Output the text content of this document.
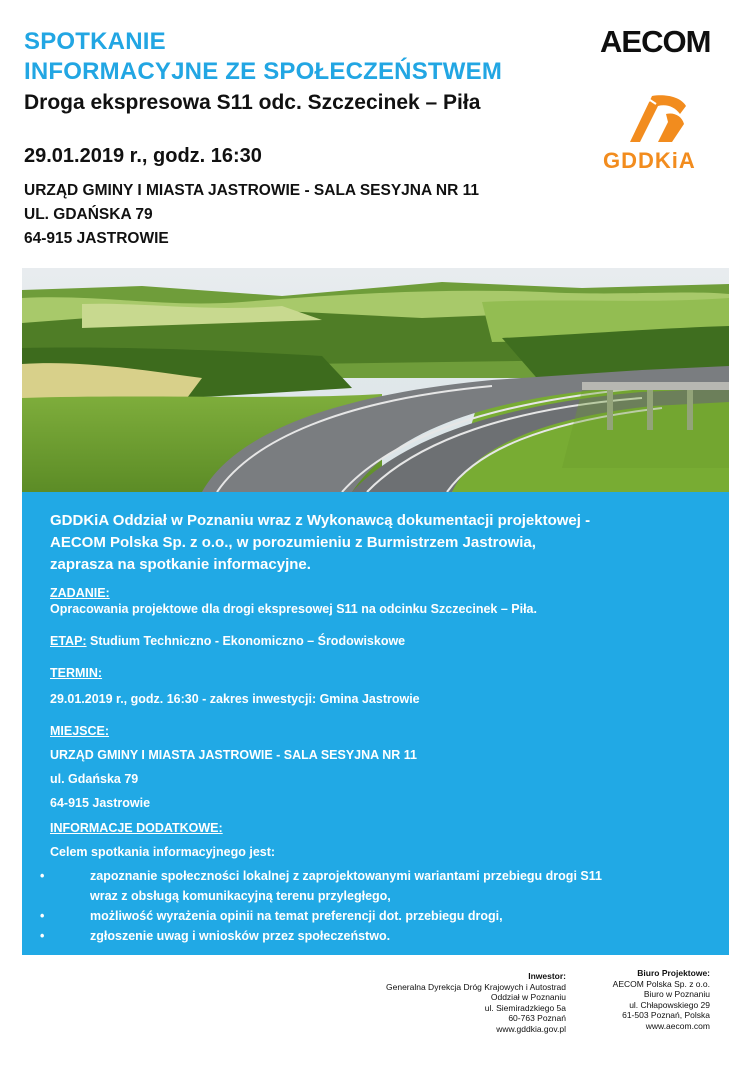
SPOTKANIE
INFORMACYJNE ZE SPOŁECZEŃSTWEM
Droga ekspresowa S11 odc. Szczecinek – Piła
29.01.2019 r., godz. 16:30
URZĄD GMINY I MIASTA JASTROWIE - SALA SESYJNA NR 11
UL. GDAŃSKA 79
64-915 JASTROWIE
AECOM
GDDKiA
GDDKiA Oddział w Poznaniu wraz z Wykonawcą dokumentacji projektowej -
AECOM Polska Sp. z o.o., w porozumieniu z Burmistrzem Jastrowia,
zaprasza na spotkanie informacyjne.
ZADANIE:
Opracowania projektowe dla drogi ekspresowej S11 na odcinku Szczecinek – Piła.
ETAP: Studium Techniczno - Ekonomiczno – Środowiskowe
TERMIN:
29.01.2019 r., godz. 16:30 - zakres inwestycji: Gmina Jastrowie
MIEJSCE:
URZĄD GMINY I MIASTA JASTROWIE - SALA SESYJNA NR 11
ul. Gdańska 79
64-915 Jastrowie
INFORMACJE DODATKOWE:
Celem spotkania informacyjnego jest:
•	zapoznanie społeczności lokalnej z zaprojektowanymi wariantami przebiegu drogi S11
wraz z obsługą komunikacyjną terenu przyległego,
•	możliwość wyrażenia opinii na temat preferencji dot. przebiegu drogi,
•	zgłoszenie uwag i wniosków przez społeczeństwo.
Inwestor:
Generalna Dyrekcja Dróg Krajowych i Autostrad
Oddział w Poznaniu
ul. Siemiradzkiego 5a
60-763 Poznań
www.gddkia.gov.pl
Biuro Projektowe:
AECOM Polska Sp. z o.o.
Biuro w Poznaniu
ul. Chłapowskiego 29
61-503 Poznań, Polska
www.aecom.com
